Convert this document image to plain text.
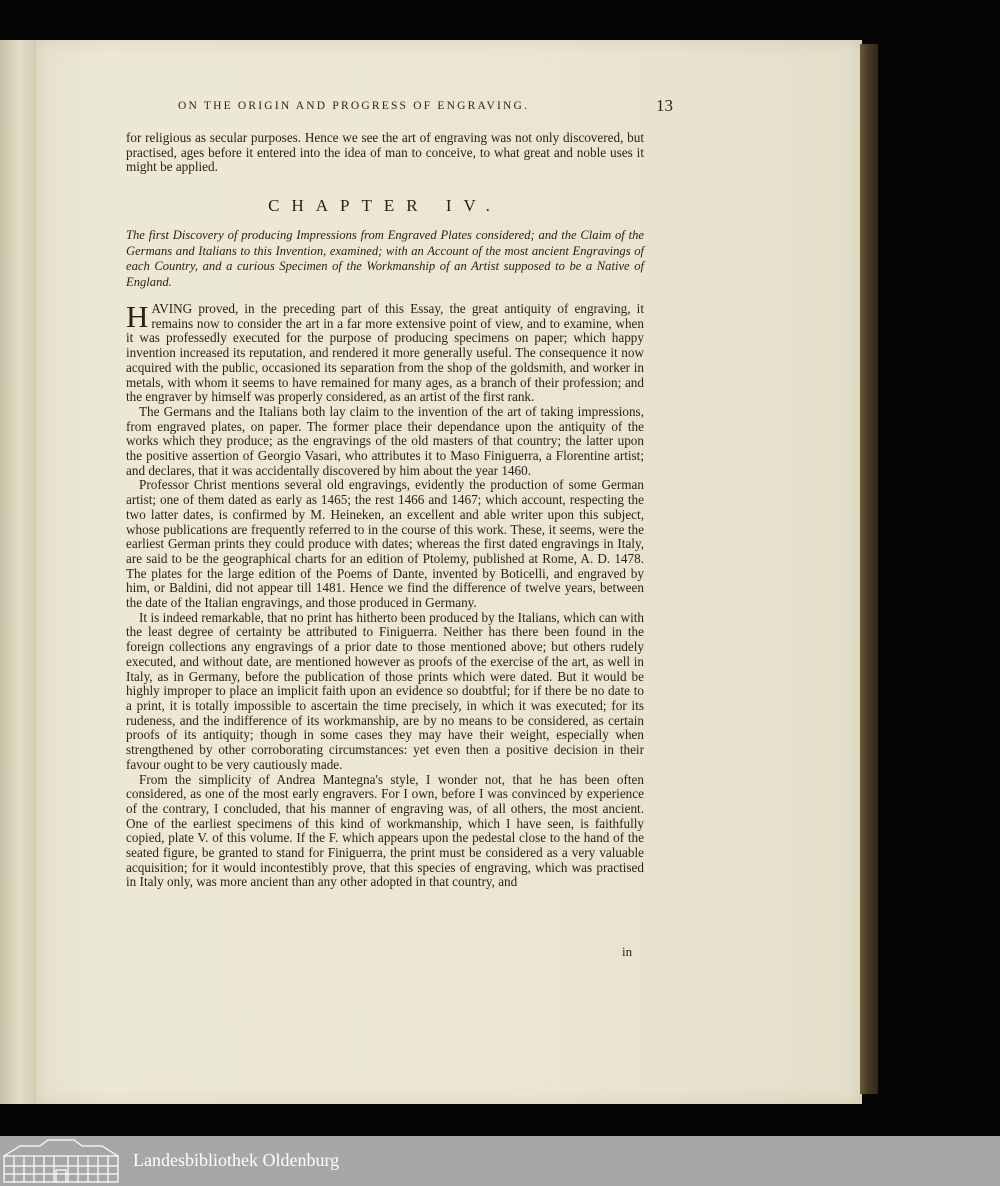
ON THE ORIGIN AND PROGRESS OF ENGRAVING.	13

for religious as secular purposes. Hence we see the art of engraving was not only discovered, but practised, ages before it entered into the idea of man to conceive, to what great and noble uses it might be applied.

CHAPTER IV.
The first Discovery of producing Impressions from Engraved Plates considered; and the Claim of the Germans and Italians to this Invention, examined; with an Account of the most ancient Engravings of each Country, and a curious Specimen of the Workmanship of an Artist supposed to be a Native of England.

HAVING proved, in the preceding part of this Essay, the great antiquity of engraving, it remains now to consider the art in a far more extensive point of view, and to examine, when it was professedly executed for the purpose of producing specimens on paper; which happy invention increased its reputation, and rendered it more generally useful. The consequence it now acquired with the public, occasioned its separation from the shop of the goldsmith, and worker in metals, with whom it seems to have remained for many ages, as a branch of their profession; and the engraver by himself was properly considered, as an artist of the first rank.

The Germans and the Italians both lay claim to the invention of the art of taking impressions, from engraved plates, on paper. The former place their dependance upon the antiquity of the works which they produce; as the engravings of the old masters of that country; the latter upon the positive assertion of Georgio Vasari, who attributes it to Maso Finiguerra, a Florentine artist; and declares, that it was accidentally discovered by him about the year 1460.

Professor Christ mentions several old engravings, evidently the production of some German artist; one of them dated as early as 1465; the rest 1466 and 1467; which account, respecting the two latter dates, is confirmed by M. Heineken, an excellent and able writer upon this subject, whose publications are frequently referred to in the course of this work. These, it seems, were the earliest German prints they could produce with dates; whereas the first dated engravings in Italy, are said to be the geographical charts for an edition of Ptolemy, published at Rome, A. D. 1478. The plates for the large edition of the Poems of Dante, invented by Boticelli, and engraved by him, or Baldini, did not appear till 1481. Hence we find the difference of twelve years, between the date of the Italian engravings, and those produced in Germany.

It is indeed remarkable, that no print has hitherto been produced by the Italians, which can with the least degree of certainty be attributed to Finiguerra. Neither has there been found in the foreign collections any engravings of a prior date to those mentioned above; but others rudely executed, and without date, are mentioned however as proofs of the exercise of the art, as well in Italy, as in Germany, before the publication of those prints which were dated. But it would be highly improper to place an implicit faith upon an evidence so doubtful; for if there be no date to a print, it is totally impossible to ascertain the time precisely, in which it was executed; for its rudeness, and the indifference of its workmanship, are by no means to be considered, as certain proofs of its antiquity; though in some cases they may have their weight, especially when strengthened by other corroborating circumstances: yet even then a positive decision in their favour ought to be very cautiously made.

From the simplicity of Andrea Mantegna's style, I wonder not, that he has been often considered, as one of the most early engravers. For I own, before I was convinced by experience of the contrary, I concluded, that his manner of engraving was, of all others, the most ancient. One of the earliest specimens of this kind of workmanship, which I have seen, is faithfully copied, plate V. of this volume. If the F. which appears upon the pedestal close to the hand of the seated figure, be granted to stand for Finiguerra, the print must be considered as a very valuable acquisition; for it would incontestibly prove, that this species of engraving, which was practised in Italy only, was more ancient than any other adopted in that country, and

in
Landesbibliothek Oldenburg
